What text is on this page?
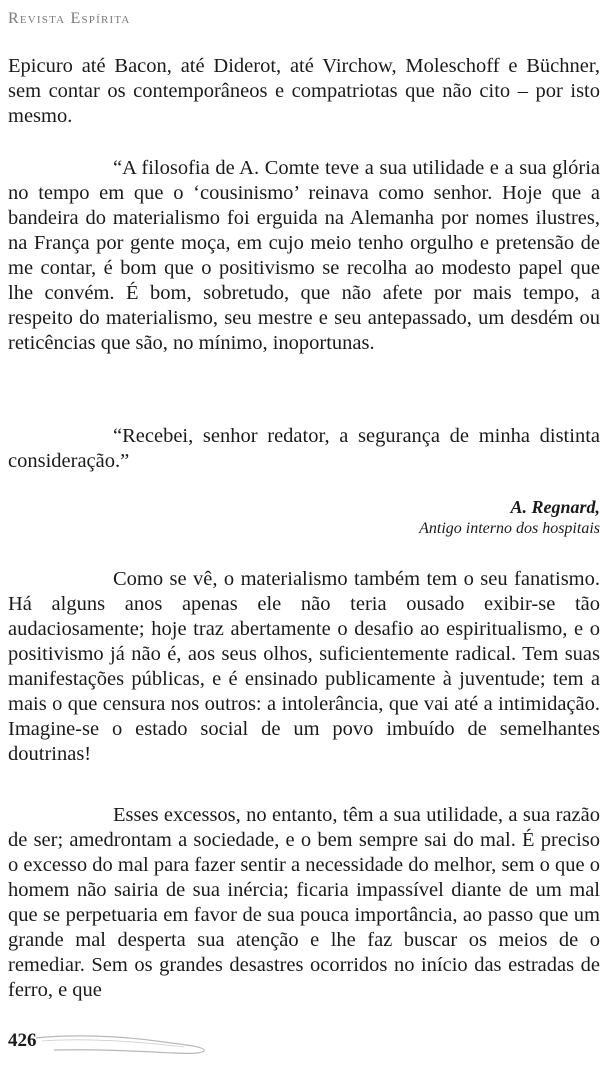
Revista Espírita

Epicuro até Bacon, até Diderot, até Virchow, Moleschoff e Büchner, sem contar os contemporâneos e compatriotas que não cito – por isto mesmo.

“A filosofia de A. Comte teve a sua utilidade e a sua glória no tempo em que o ‘cousinismo’ reinava como senhor. Hoje que a bandeira do materialismo foi erguida na Alemanha por nomes ilustres, na França por gente moça, em cujo meio tenho orgulho e pretensão de me contar, é bom que o positivismo se recolha ao modesto papel que lhe convém. É bom, sobretudo, que não afete por mais tempo, a respeito do materialismo, seu mestre e seu antepassado, um desdém ou reticências que são, no mínimo, inoportunas.

“Recebei, senhor redator, a segurança de minha distinta consideração.”

A. Regnard,
Antigo interno dos hospitais

Como se vê, o materialismo também tem o seu fanatismo. Há alguns anos apenas ele não teria ousado exibir-se tão audaciosamente; hoje traz abertamente o desafio ao espiritualismo, e o positivismo já não é, aos seus olhos, suficientemente radical. Tem suas manifestações públicas, e é ensinado publicamente à juventude; tem a mais o que censura nos outros: a intolerância, que vai até a intimidação. Imagine-se o estado social de um povo imbuído de semelhantes doutrinas!

Esses excessos, no entanto, têm a sua utilidade, a sua razão de ser; amedrontam a sociedade, e o bem sempre sai do mal. É preciso o excesso do mal para fazer sentir a necessidade do melhor, sem o que o homem não sairia de sua inércia; ficaria impassível diante de um mal que se perpetuaria em favor de sua pouca importância, ao passo que um grande mal desperta sua atenção e lhe faz buscar os meios de o remediar. Sem os grandes desastres ocorridos no início das estradas de ferro, e que

426
